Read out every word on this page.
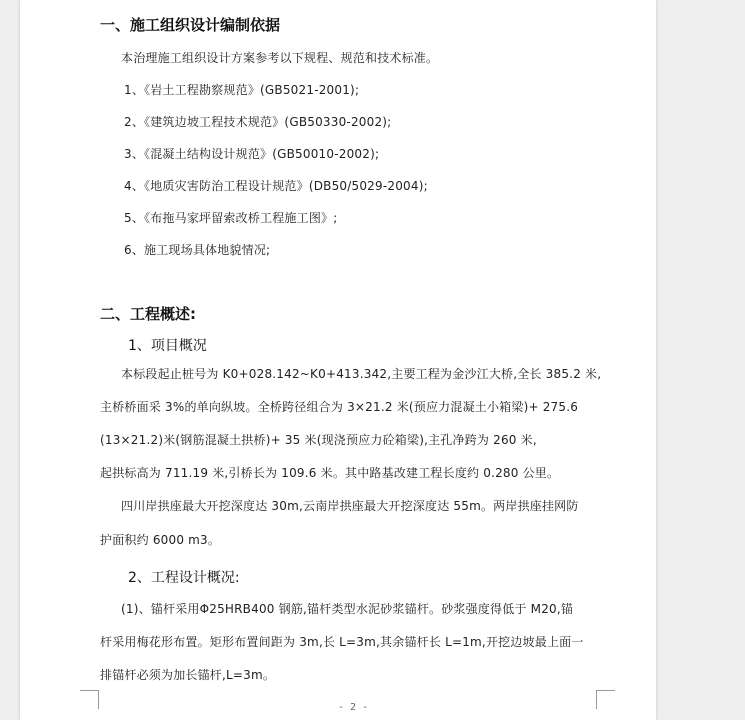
一、施工组织设计编制依据
本治理施工组织设计方案参考以下规程、规范和技术标准。
1、《岩土工程勘察规范》(GB5021-2001);
2、《建筑边坡工程技术规范》(GB50330-2002);
3、《混凝土结构设计规范》(GB50010-2002);
4、《地质灾害防治工程设计规范》(DB50/5029-2004);
5、《布拖马家坪留索改桥工程施工图》;
6、施工现场具体地貌情况;
二、工程概述:
1、项目概况
本标段起止桩号为 K0+028.142~K0+413.342,主要工程为金沙江大桥,全长 385.2 米,
主桥桥面采 3%的单向纵坡。全桥跨径组合为 3×21.2 米(预应力混凝土小箱梁)+ 275.6
(13×21.2)米(钢筋混凝土拱桥)+ 35 米(现浇预应力砼箱梁),主孔净跨为 260 米,
起拱标高为 711.19 米,引桥长为 109.6 米。其中路基改建工程长度约 0.280 公里。
四川岸拱座最大开挖深度达 30m,云南岸拱座最大开挖深度达 55m。两岸拱座挂网防
护面积约 6000 m3。
2、工程设计概况:
(1)、锚杆采用Φ25HRB400 钢筋,锚杆类型水泥砂浆锚杆。砂浆强度得低于 M20,锚
杆采用梅花形布置。矩形布置间距为 3m,长 L=3m,其余锚杆长 L=1m,开挖边坡最上面一
排锚杆必须为加长锚杆,L=3m。
- 2 -
